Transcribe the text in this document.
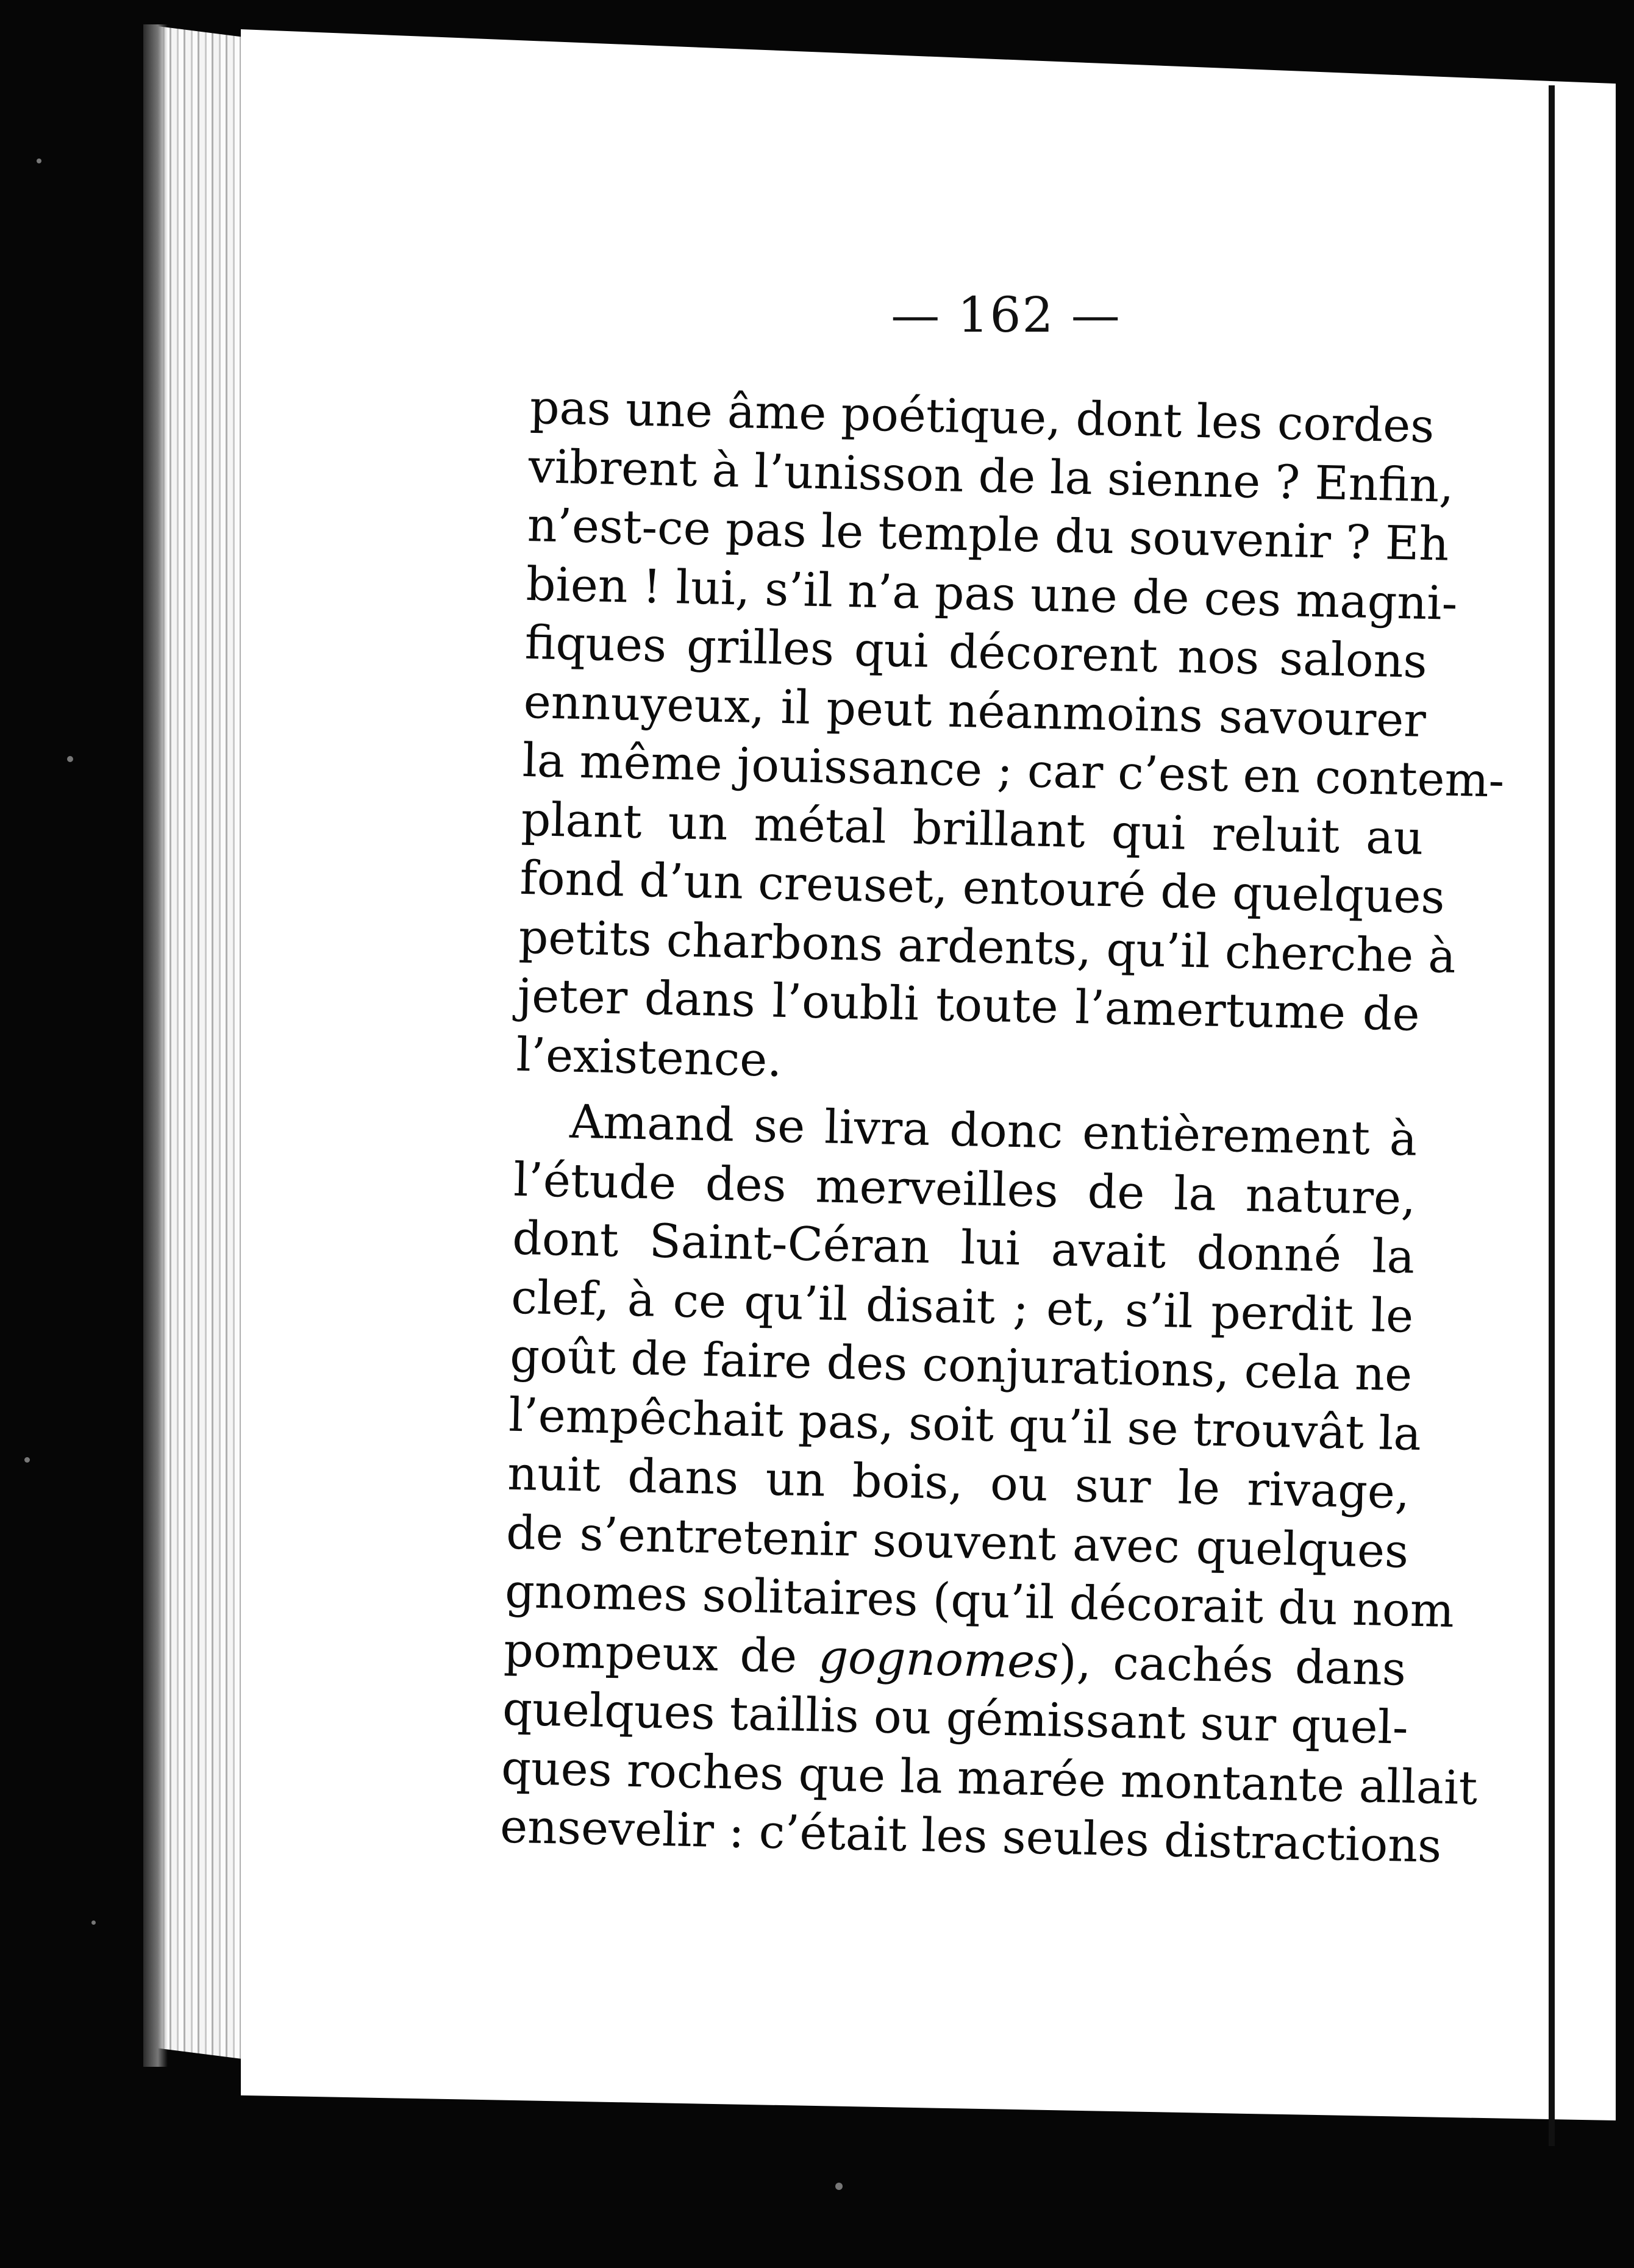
— 162 —
pas une âme poétique, dont les cordes
vibrent à l’unisson de la sienne ? Enfin,
n’est-ce pas le temple du souvenir ? Eh
bien ! lui, s’il n’a pas une de ces magni-
fiques grilles qui décorent nos salons
ennuyeux, il peut néanmoins savourer
la même jouissance ; car c’est en contem-
plant un métal brillant qui reluit au
fond d’un creuset, entouré de quelques
petits charbons ardents, qu’il cherche à
jeter dans l’oubli toute l’amertume de
l’existence.
Amand se livra donc entièrement à
l’étude des merveilles de la nature,
dont Saint-Céran lui avait donné la
clef, à ce qu’il disait ; et, s’il perdit le
goût de faire des conjurations, cela ne
l’empêchait pas, soit qu’il se trouvât la
nuit dans un bois, ou sur le rivage,
de s’entretenir souvent avec quelques
gnomes solitaires (qu’il décorait du nom
pompeux de gognomes), cachés dans
quelques taillis ou gémissant sur quel-
ques roches que la marée montante allait
ensevelir : c’était les seules distractions
